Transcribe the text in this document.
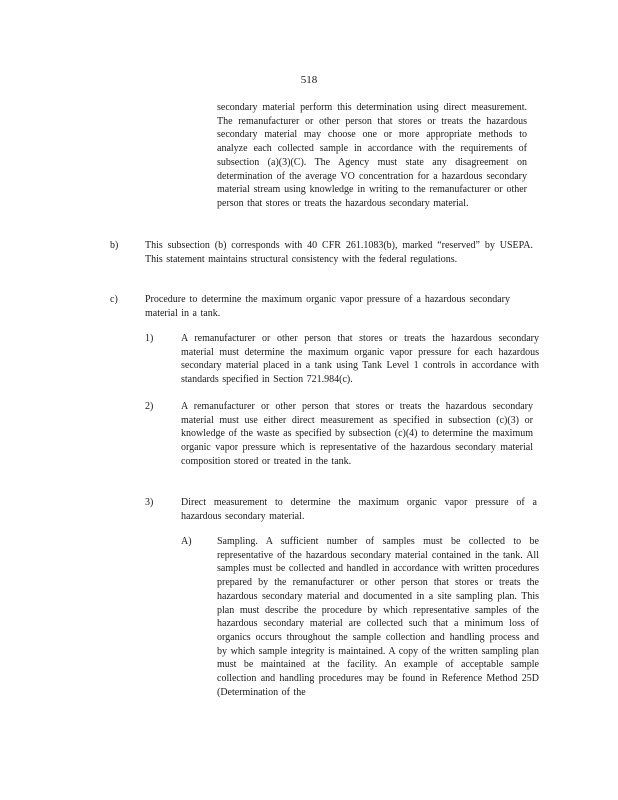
518
secondary material perform this determination using direct measurement. The remanufacturer or other person that stores or treats the hazardous secondary material may choose one or more appropriate methods to analyze each collected sample in accordance with the requirements of subsection (a)(3)(C). The Agency must state any disagreement on determination of the average VO concentration for a hazardous secondary material stream using knowledge in writing to the remanufacturer or other person that stores or treats the hazardous secondary material.
b)	This subsection (b) corresponds with 40 CFR 261.1083(b), marked “reserved” by USEPA. This statement maintains structural consistency with the federal regulations.
c)	Procedure to determine the maximum organic vapor pressure of a hazardous secondary material in a tank.
1)	A remanufacturer or other person that stores or treats the hazardous secondary material must determine the maximum organic vapor pressure for each hazardous secondary material placed in a tank using Tank Level 1 controls in accordance with standards specified in Section 721.984(c).
2)	A remanufacturer or other person that stores or treats the hazardous secondary material must use either direct measurement as specified in subsection (c)(3) or knowledge of the waste as specified by subsection (c)(4) to determine the maximum organic vapor pressure which is representative of the hazardous secondary material composition stored or treated in the tank.
3)	Direct measurement to determine the maximum organic vapor pressure of a hazardous secondary material.
A)	Sampling. A sufficient number of samples must be collected to be representative of the hazardous secondary material contained in the tank. All samples must be collected and handled in accordance with written procedures prepared by the remanufacturer or other person that stores or treats the hazardous secondary material and documented in a site sampling plan. This plan must describe the procedure by which representative samples of the hazardous secondary material are collected such that a minimum loss of organics occurs throughout the sample collection and handling process and by which sample integrity is maintained. A copy of the written sampling plan must be maintained at the facility. An example of acceptable sample collection and handling procedures may be found in Reference Method 25D (Determination of the
